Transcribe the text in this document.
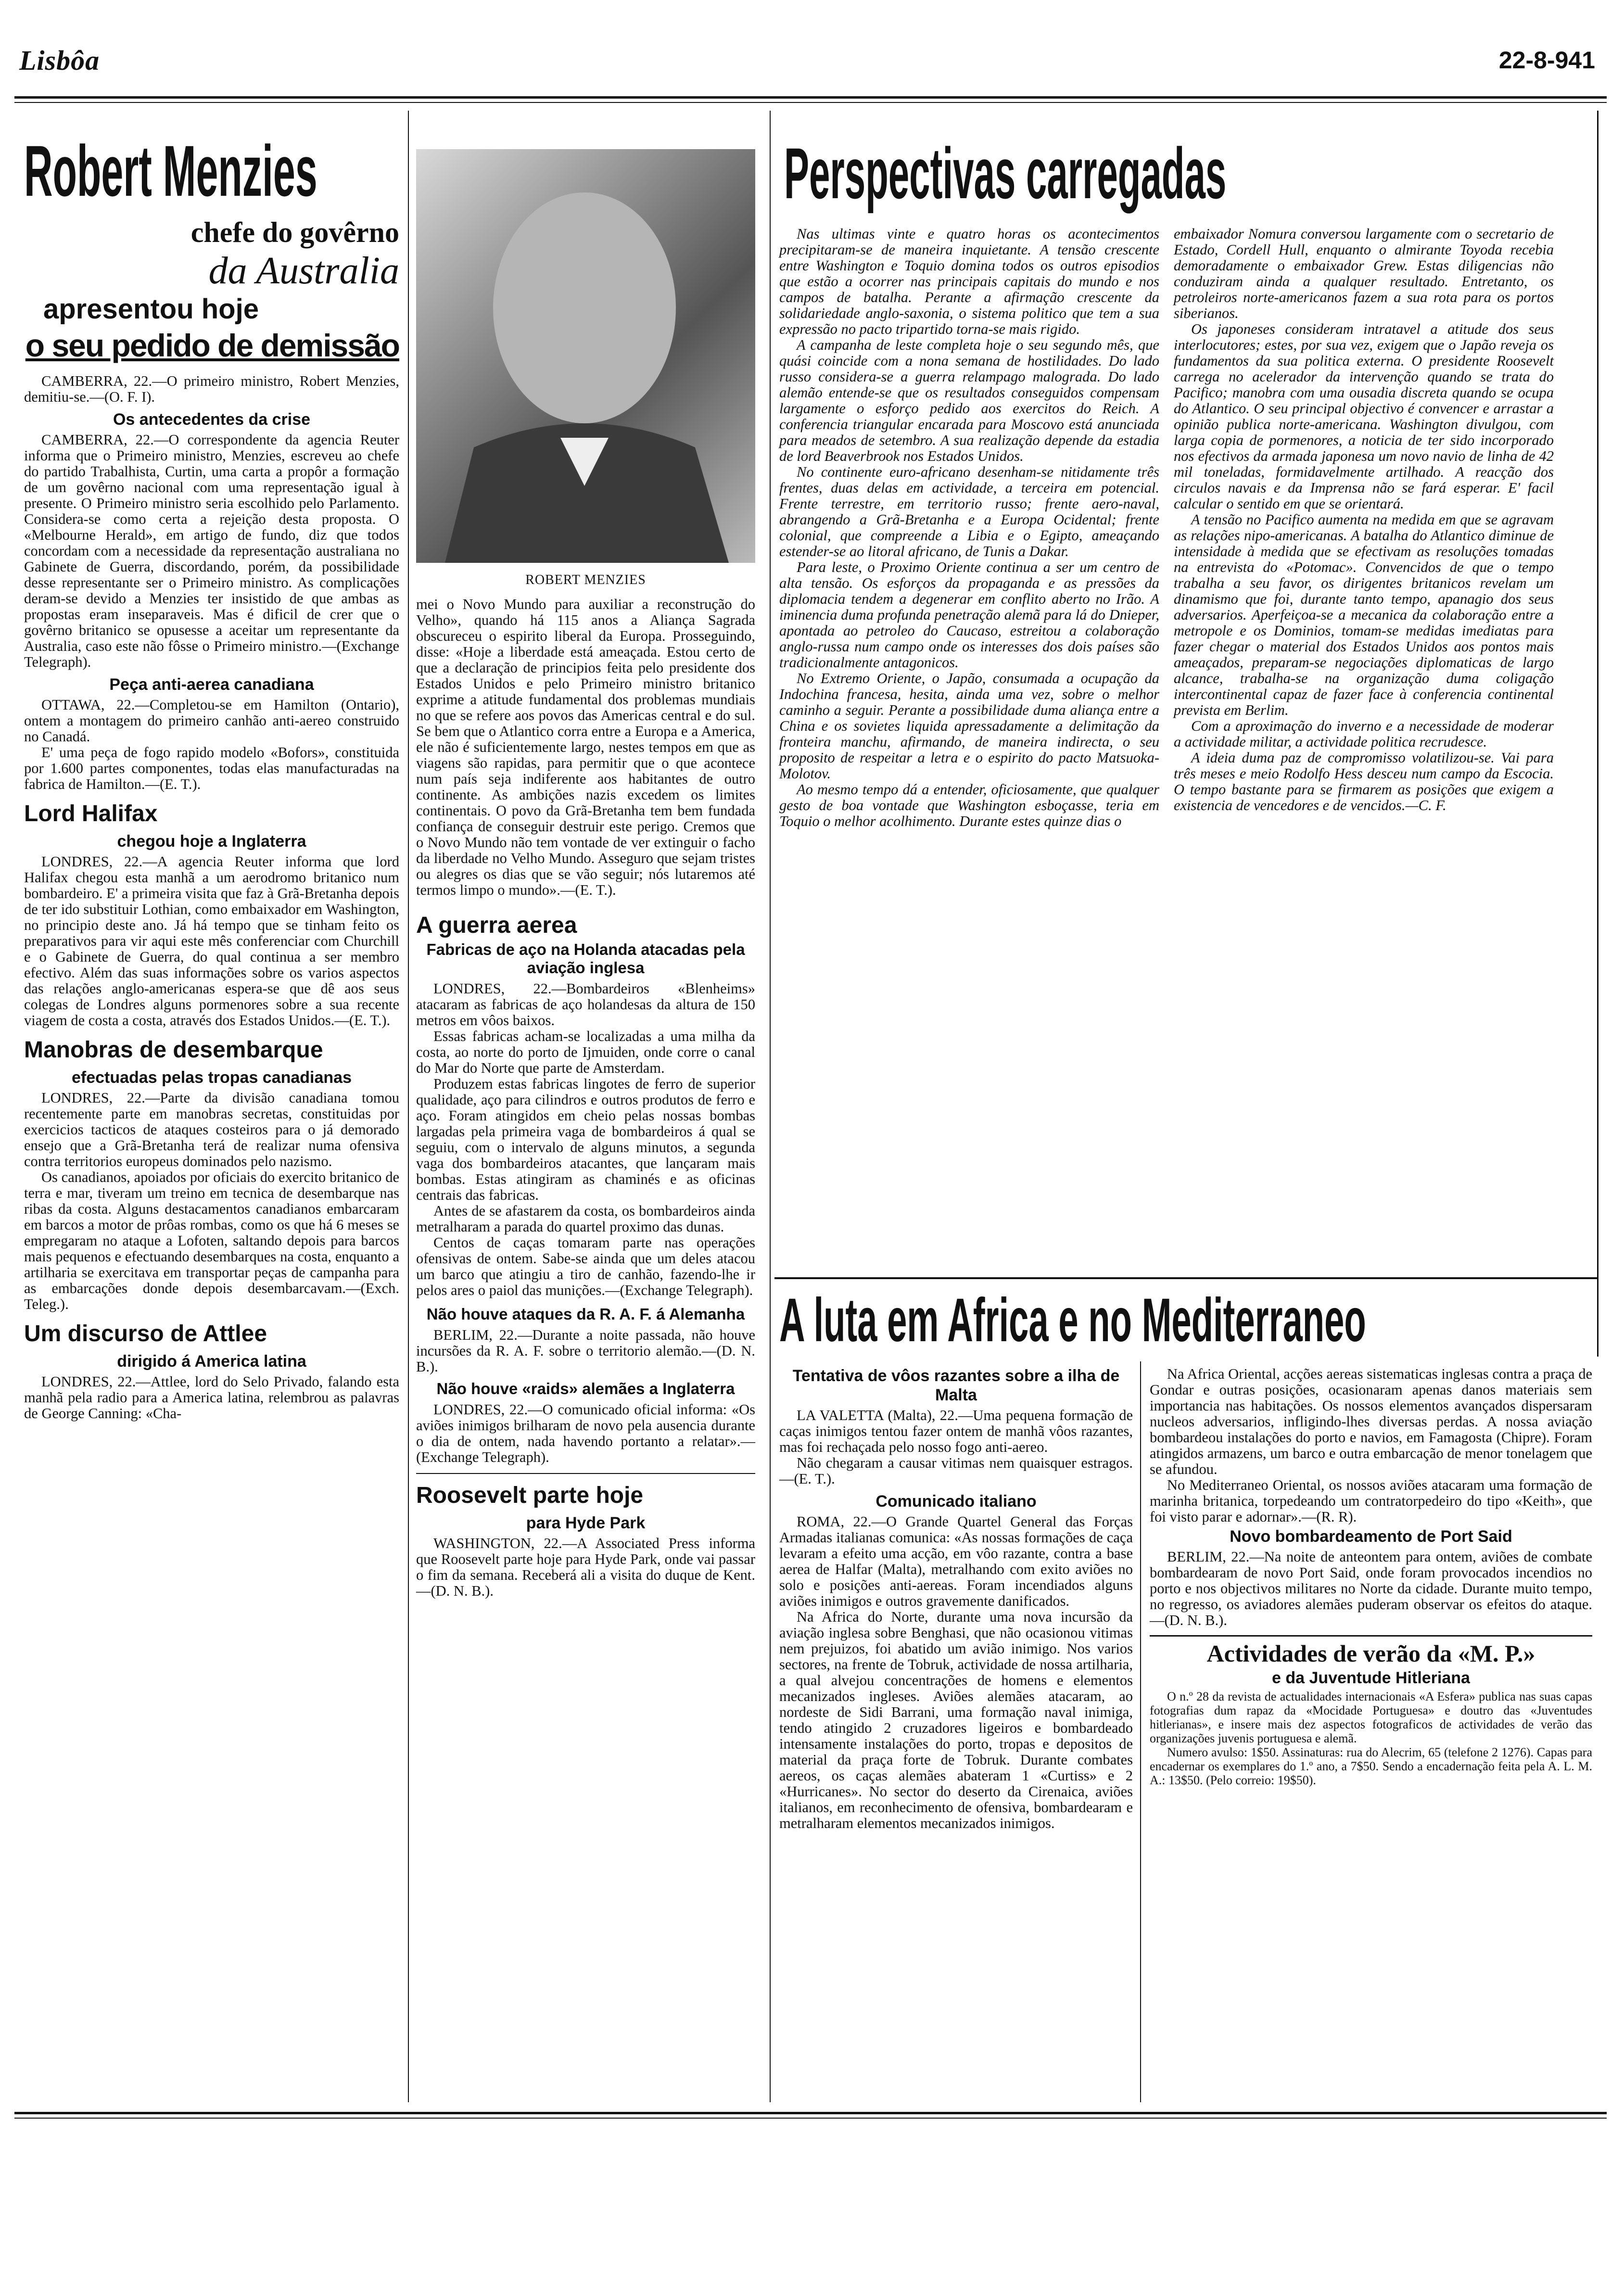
Lisbôa	22-8-941
Robert Menzies
chefe do govêrno
da Australia
apresentou hoje
o seu pedido de demissão

CAMBERRA, 22.—O primeiro ministro, Robert Menzies, demitiu-se.—(O. F. I).

Os antecedentes da crise

CAMBERRA, 22.—O correspondente da agencia Reuter informa que o Primeiro ministro, Menzies, escreveu ao chefe do partido Trabalhista, Curtin, uma carta a propôr a formação de um govêrno nacional com uma representação igual à presente. O Primeiro ministro seria escolhido pelo Parlamento. Considera-se como certa a rejeição desta proposta. O «Melbourne Herald», em artigo de fundo, diz que todos concordam com a necessidade da representação australiana no Gabinete de Guerra, discordando, porém, da possibilidade desse representante ser o Primeiro ministro. As complicações deram-se devido a Menzies ter insistido de que ambas as propostas eram inseparaveis. Mas é dificil de crer que o govêrno britanico se opusesse a aceitar um representante da Australia, caso este não fôsse o Primeiro ministro.—(Exchange Telegraph).

Peça anti-aerea canadiana

OTTAWA, 22.—Completou-se em Hamilton (Ontario), ontem a montagem do primeiro canhão anti-aereo construido no Canadá.

E' uma peça de fogo rapido modelo «Bofors», constituida por 1.600 partes componentes, todas elas manufacturadas na fabrica de Hamilton.—(E. T.).

Lord Halifax
chegou hoje a Inglaterra

LONDRES, 22.—A agencia Reuter informa que lord Halifax chegou esta manhã a um aerodromo britanico num bombardeiro. E' a primeira visita que faz à Grã-Bretanha depois de ter ido substituir Lothian, como embaixador em Washington, no principio deste ano. Já há tempo que se tinham feito os preparativos para vir aqui este mês conferenciar com Churchill e o Gabinete de Guerra, do qual continua a ser membro efectivo. Além das suas informações sobre os varios aspectos das relações anglo-americanas espera-se que dê aos seus colegas de Londres alguns pormenores sobre a sua recente viagem de costa a costa, através dos Estados Unidos.—(E. T.).

Manobras de desembarque
efectuadas pelas tropas canadianas

LONDRES, 22.—Parte da divisão canadiana tomou recentemente parte em manobras secretas, constituidas por exercicios tacticos de ataques costeiros para o já demorado ensejo que a Grã-Bretanha terá de realizar numa ofensiva contra territorios europeus dominados pelo nazismo.

Os canadianos, apoiados por oficiais do exercito britanico de terra e mar, tiveram um treino em tecnica de desembarque nas ribas da costa. Alguns destacamentos canadianos embarcaram em barcos a motor de prôas rombas, como os que há 6 meses se empregaram no ataque a Lofoten, saltando depois para barcos mais pequenos e efectuando desembarques na costa, enquanto a artilharia se exercitava em transportar peças de campanha para as embarcações donde depois desembarcavam.—(Exch. Teleg.).

Um discurso de Attlee
dirigido á America latina

LONDRES, 22.—Attlee, lord do Selo Privado, falando esta manhã pela radio para a America latina, relembrou as palavras de George Canning: «Cha-

ROBERT MENZIES

mei o Novo Mundo para auxiliar a reconstrução do Velho», quando há 115 anos a Aliança Sagrada obscureceu o espirito liberal da Europa. Prosseguindo, disse: «Hoje a liberdade está ameaçada. Estou certo de que a declaração de principios feita pelo presidente dos Estados Unidos e pelo Primeiro ministro britanico exprime a atitude fundamental dos problemas mundiais no que se refere aos povos das Americas central e do sul. Se bem que o Atlantico corra entre a Europa e a America, ele não é suficientemente largo, nestes tempos em que as viagens são rapidas, para permitir que o que acontece num país seja indiferente aos habitantes de outro continente. As ambições nazis excedem os limites continentais. O povo da Grã-Bretanha tem bem fundada confiança de conseguir destruir este perigo. Cremos que o Novo Mundo não tem vontade de ver extinguir o facho da liberdade no Velho Mundo. Asseguro que sejam tristes ou alegres os dias que se vão seguir; nós lutaremos até termos limpo o mundo».—(E. T.).

A guerra aerea
Fabricas de aço na Holanda atacadas pela aviação inglesa

LONDRES, 22.—Bombardeiros «Blenheims» atacaram as fabricas de aço holandesas da altura de 150 metros em vôos baixos.

Essas fabricas acham-se localizadas a uma milha da costa, ao norte do porto de Ijmuiden, onde corre o canal do Mar do Norte que parte de Amsterdam.

Produzem estas fabricas lingotes de ferro de superior qualidade, aço para cilindros e outros produtos de ferro e aço. Foram atingidos em cheio pelas nossas bombas largadas pela primeira vaga de bombardeiros á qual se seguiu, com o intervalo de alguns minutos, a segunda vaga dos bombardeiros atacantes, que lançaram mais bombas. Estas atingiram as chaminés e as oficinas centrais das fabricas.

Antes de se afastarem da costa, os bombardeiros ainda metralharam a parada do quartel proximo das dunas.

Centos de caças tomaram parte nas operações ofensivas de ontem. Sabe-se ainda que um deles atacou um barco que atingiu a tiro de canhão, fazendo-lhe ir pelos ares o paiol das munições.—(Exchange Telegraph).

Não houve ataques da R. A. F. á Alemanha

BERLIM, 22.—Durante a noite passada, não houve incursões da R. A. F. sobre o territorio alemão.—(D. N. B.).

Não houve «raids» alemães a Inglaterra

LONDRES, 22.—O comunicado oficial informa: «Os aviões inimigos brilharam de novo pela ausencia durante o dia de ontem, nada havendo portanto a relatar».—(Exchange Telegraph).

Roosevelt parte hoje
para Hyde Park

WASHINGTON, 22.—A Associated Press informa que Roosevelt parte hoje para Hyde Park, onde vai passar o fim da semana. Receberá ali a visita do duque de Kent.—(D. N. B.).

Perspectivas carregadas

Nas ultimas vinte e quatro horas os acontecimentos precipitaram-se de maneira inquietante. A tensão crescente entre Washington e Toquio domina todos os outros episodios que estão a ocorrer nas principais capitais do mundo e nos campos de batalha. Perante a afirmação crescente da solidariedade anglo-saxonia, o sistema politico que tem a sua expressão no pacto tripartido torna-se mais rigido.

A campanha de leste completa hoje o seu segundo mês, que quási coincide com a nona semana de hostilidades. Do lado russo considera-se a guerra relampago malograda. Do lado alemão entende-se que os resultados conseguidos compensam largamente o esforço pedido aos exercitos do Reich. A conferencia triangular encarada para Moscovo está anunciada para meados de setembro. A sua realização depende da estadia de lord Beaverbrook nos Estados Unidos.

No continente euro-africano desenham-se nitidamente três frentes, duas delas em actividade, a terceira em potencial. Frente terrestre, em territorio russo; frente aero-naval, abrangendo a Grã-Bretanha e a Europa Ocidental; frente colonial, que compreende a Libia e o Egipto, ameaçando estender-se ao litoral africano, de Tunis a Dakar.

Para leste, o Proximo Oriente continua a ser um centro de alta tensão. Os esforços da propaganda e as pressões da diplomacia tendem a degenerar em conflito aberto no Irão. A iminencia duma profunda penetração alemã para lá do Dnieper, apontada ao petroleo do Caucaso, estreitou a colaboração anglo-russa num campo onde os interesses dos dois países são tradicionalmente antagonicos.

No Extremo Oriente, o Japão, consumada a ocupação da Indochina francesa, hesita, ainda uma vez, sobre o melhor caminho a seguir. Perante a possibilidade duma aliança entre a China e os sovietes liquida apressadamente a delimitação da fronteira manchu, afirmando, de maneira indirecta, o seu proposito de respeitar a letra e o espirito do pacto Matsuoka-Molotov.

Ao mesmo tempo dá a entender, oficiosamente, que qualquer gesto de boa vontade que Washington esboçasse, teria em Toquio o melhor acolhimento. Durante estes quinze dias o

embaixador Nomura conversou largamente com o secretario de Estado, Cordell Hull, enquanto o almirante Toyoda recebia demoradamente o embaixador Grew. Estas diligencias não conduziram ainda a qualquer resultado. Entretanto, os petroleiros norte-americanos fazem a sua rota para os portos siberianos.

Os japoneses consideram intratavel a atitude dos seus interlocutores; estes, por sua vez, exigem que o Japão reveja os fundamentos da sua politica externa. O presidente Roosevelt carrega no acelerador da intervenção quando se trata do Pacifico; manobra com uma ousadia discreta quando se ocupa do Atlantico. O seu principal objectivo é convencer e arrastar a opinião publica norte-americana. Washington divulgou, com larga copia de pormenores, a noticia de ter sido incorporado nos efectivos da armada japonesa um novo navio de linha de 42 mil toneladas, formidavelmente artilhado. A reacção dos circulos navais e da Imprensa não se fará esperar. E' facil calcular o sentido em que se orientará.

A tensão no Pacifico aumenta na medida em que se agravam as relações nipo-americanas. A batalha do Atlantico diminue de intensidade à medida que se efectivam as resoluções tomadas na entrevista do «Potomac». Convencidos de que o tempo trabalha a seu favor, os dirigentes britanicos revelam um dinamismo que foi, durante tanto tempo, apanagio dos seus adversarios. Aperfeiçoa-se a mecanica da colaboração entre a metropole e os Dominios, tomam-se medidas imediatas para fazer chegar o material dos Estados Unidos aos pontos mais ameaçados, preparam-se negociações diplomaticas de largo alcance, trabalha-se na organização duma coligação intercontinental capaz de fazer face à conferencia continental prevista em Berlim.

Com a aproximação do inverno e a necessidade de moderar a actividade militar, a actividade politica recrudesce.

A ideia duma paz de compromisso volatilizou-se. Vai para três meses e meio Rodolfo Hess desceu num campo da Escocia. O tempo bastante para se firmarem as posições que exigem a existencia de vencedores e de vencidos.—C. F.

A luta em Africa e no Mediterraneo
Tentativa de vôos razantes sobre a ilha de Malta

LA VALETTA (Malta), 22.—Uma pequena formação de caças inimigos tentou fazer ontem de manhã vôos razantes, mas foi rechaçada pelo nosso fogo anti-aereo.

Não chegaram a causar vitimas nem quaisquer estragos.—(E. T.).

Comunicado italiano

ROMA, 22.—O Grande Quartel General das Forças Armadas italianas comunica: «As nossas formações de caça levaram a efeito uma acção, em vôo razante, contra a base aerea de Halfar (Malta), metralhando com exito aviões no solo e posições anti-aereas. Foram incendiados alguns aviões inimigos e outros gravemente danificados.

Na Africa do Norte, durante uma nova incursão da aviação inglesa sobre Benghasi, que não ocasionou vitimas nem prejuizos, foi abatido um avião inimigo. Nos varios sectores, na frente de Tobruk, actividade de nossa artilharia, a qual alvejou concentrações de homens e elementos mecanizados ingleses. Aviões alemães atacaram, ao nordeste de Sidi Barrani, uma formação naval inimiga, tendo atingido 2 cruzadores ligeiros e bombardeado intensamente instalações do porto, tropas e depositos de material da praça forte de Tobruk. Durante combates aereos, os caças alemães abateram 1 «Curtiss» e 2 «Hurricanes». No sector do deserto da Cirenaica, aviões italianos, em reconhecimento de ofensiva, bombardearam e metralharam elementos mecanizados inimigos.

Na Africa Oriental, acções aereas sistematicas inglesas contra a praça de Gondar e outras posições, ocasionaram apenas danos materiais sem importancia nas habitações. Os nossos elementos avançados dispersaram nucleos adversarios, infligindo-lhes diversas perdas. A nossa aviação bombardeou instalações do porto e navios, em Famagosta (Chipre). Foram atingidos armazens, um barco e outra embarcação de menor tonelagem que se afundou.

No Mediterraneo Oriental, os nossos aviões atacaram uma formação de marinha britanica, torpedeando um contratorpedeiro do tipo «Keith», que foi visto parar e adornar».—(R. R).

Novo bombardeamento de Port Said

BERLIM, 22.—Na noite de anteontem para ontem, aviões de combate bombardearam de novo Port Said, onde foram provocados incendios no porto e nos objectivos militares no Norte da cidade. Durante muito tempo, no regresso, os aviadores alemães puderam observar os efeitos do ataque.—(D. N. B.).

Actividades de verão da «M. P.»
e da Juventude Hitleriana

O n.º 28 da revista de actualidades internacionais «A Esfera» publica nas suas capas fotografias dum rapaz da «Mocidade Portuguesa» e doutro das «Juventudes hitlerianas», e insere mais dez aspectos fotograficos de actividades de verão das organizações juvenis portuguesa e alemã.

Numero avulso: 1$50. Assinaturas: rua do Alecrim, 65 (telefone 2 1276). Capas para encadernar os exemplares do 1.º ano, a 7$50. Sendo a encadernação feita pela A. L. M. A.: 13$50. (Pelo correio: 19$50).
